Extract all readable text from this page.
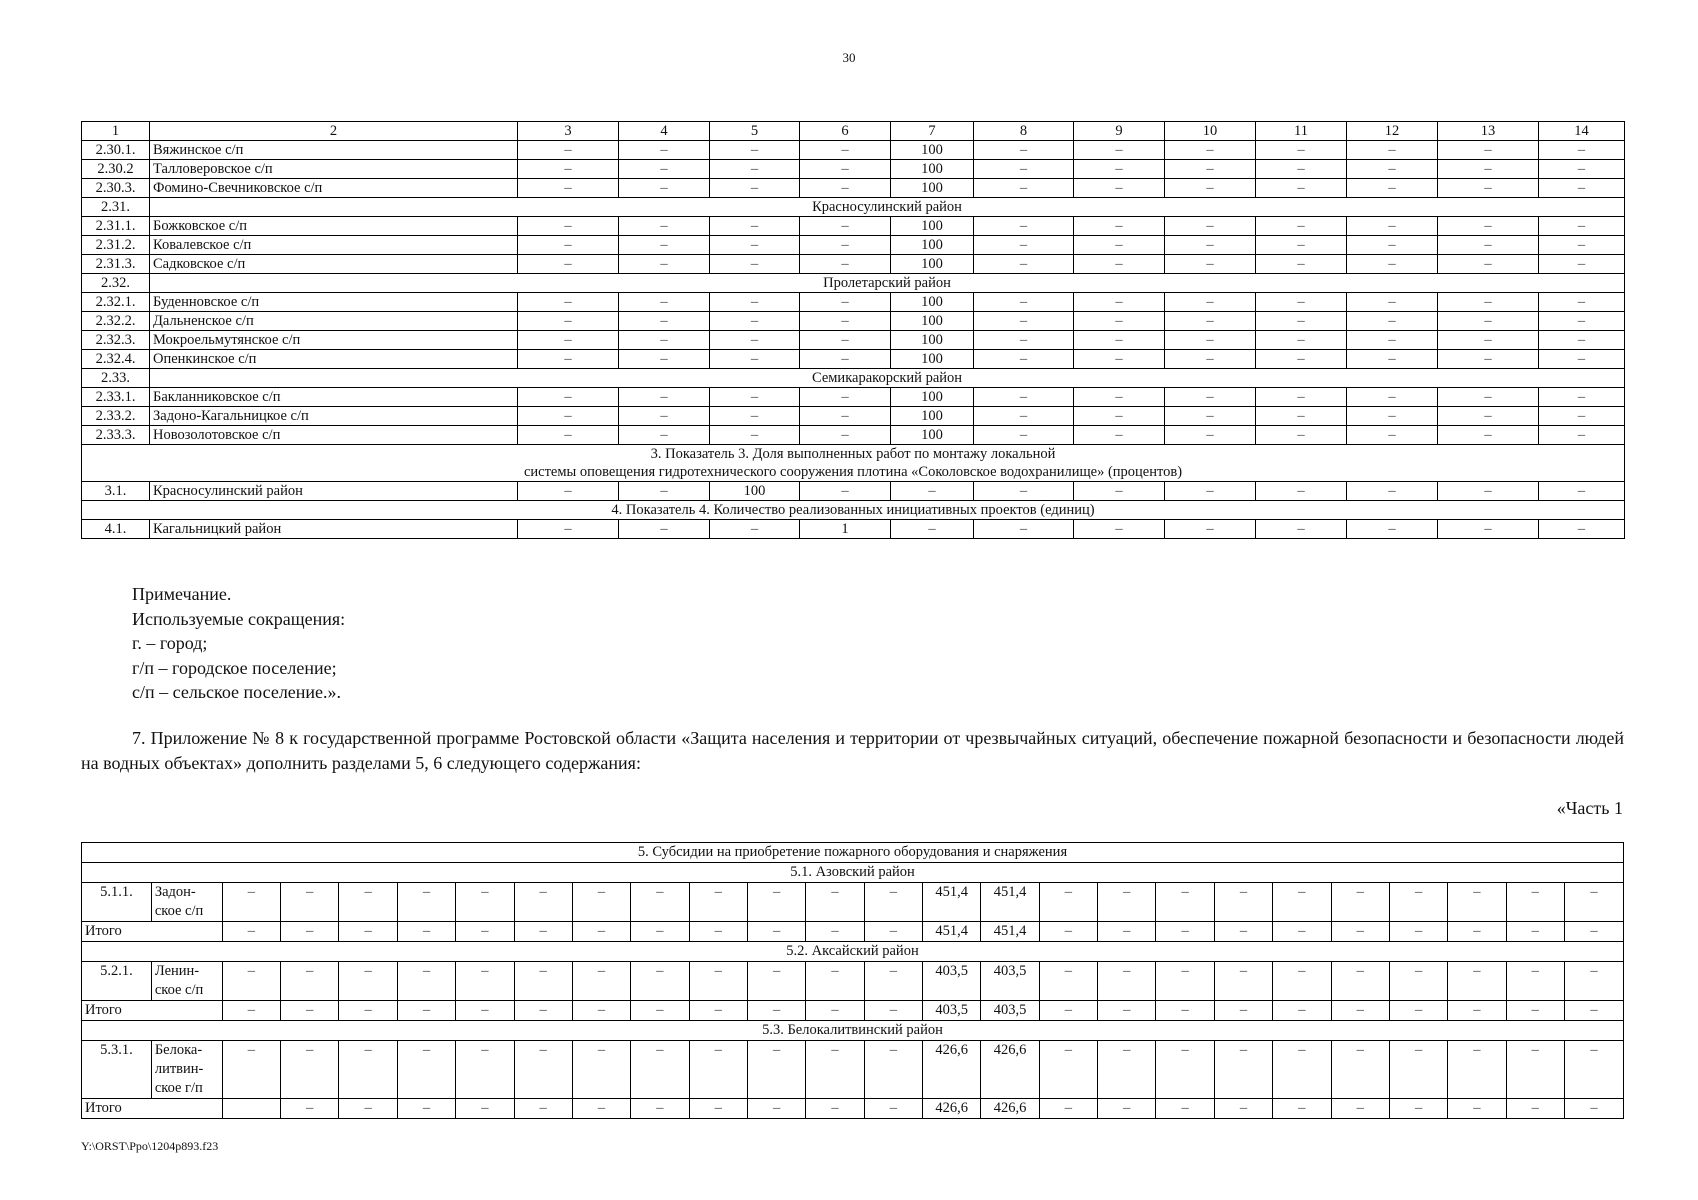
30
1	2	3	4	5	6	7	8	9	10	11	12	13	14
2.30.1.	Вяжинское с/п	–	–	–	–	100	–	–	–	–	–	–	–
2.30.2	Талловеровское с/п	–	–	–	–	100	–	–	–	–	–	–	–
2.30.3.	Фомино-Свечниковское с/п	–	–	–	–	100	–	–	–	–	–	–	–
2.31.	Красносулинский район												
2.31.1.	Божковское с/п	–	–	–	–	100	–	–	–	–	–	–	–
2.31.2.	Ковалевское с/п	–	–	–	–	100	–	–	–	–	–	–	–
2.31.3.	Садковское с/п	–	–	–	–	100	–	–	–	–	–	–	–
2.32.	Пролетарский район												
2.32.1.	Буденновское с/п	–	–	–	–	100	–	–	–	–	–	–	–
2.32.2.	Дальненское с/п	–	–	–	–	100	–	–	–	–	–	–	–
2.32.3.	Мокроельмутянское с/п	–	–	–	–	100	–	–	–	–	–	–	–
2.32.4.	Опенкинское с/п	–	–	–	–	100	–	–	–	–	–	–	–
2.33.	Семикаракорский район												
2.33.1.	Бакланниковское с/п	–	–	–	–	100	–	–	–	–	–	–	–
2.33.2.	Задоно-Кагальницкое с/п	–	–	–	–	100	–	–	–	–	–	–	–
2.33.3.	Новозолотовское с/п	–	–	–	–	100	–	–	–	–	–	–	–

3. Показатель 3. Доля выполненных работ по монтажу локальной
системы оповещения гидротехнического сооружения плотина «Соколовское водохранилище» (процентов)													

3.1.	Красносулинский район	–	–	100	–	–	–	–	–	–	–	–	–

4. Показатель 4. Количество реализованных инициативных проектов (единиц)													

4.1.	Кагальницкий район	–	–	–	1	–	–	–	–	–	–	–	–
Примечание.
Используемые сокращения:
г. – город;
г/п – городское поселение;
с/п – сельское поселение.».
7. Приложение № 8 к государственной программе Ростовской области «Защита населения и территории от чрезвычайных ситуаций, обеспечение пожарной безопасности и безопасности людей на водных объектах» дополнить разделами 5, 6 следующего содержания:
«Часть 1
5. Субсидии на приобретение пожарного оборудования и снаряжения																									
5.1. Азовский район																									
5.1.1.	Задон-
ское с/п	–	–	–	–	–	–	–	–	–	–	–	–	451,4	451,4	–	–	–	–	–	–	–	–	–	–
Итого		–	–	–	–	–	–	–	–	–	–	–	–	451,4	451,4	–	–	–	–	–	–	–	–	–	–
5.2. Аксайский район																									
5.2.1.	Ленин-
ское с/п	–	–	–	–	–	–	–	–	–	–	–	–	403,5	403,5	–	–	–	–	–	–	–	–	–	–
Итого		–	–	–	–	–	–	–	–	–	–	–	–	403,5	403,5	–	–	–	–	–	–	–	–	–	–
5.3. Белокалитвинский район																									
5.3.1.	Белока-
литвин-
ское г/п	–	–	–	–	–	–	–	–	–	–	–	–	426,6	426,6	–	–	–	–	–	–	–	–	–	–
Итого			–	–	–	–	–	–	–	–	–	–	–	426,6	426,6	–	–	–	–	–	–	–	–	–	–
Y:\ORST\Ppo\1204p893.f23
